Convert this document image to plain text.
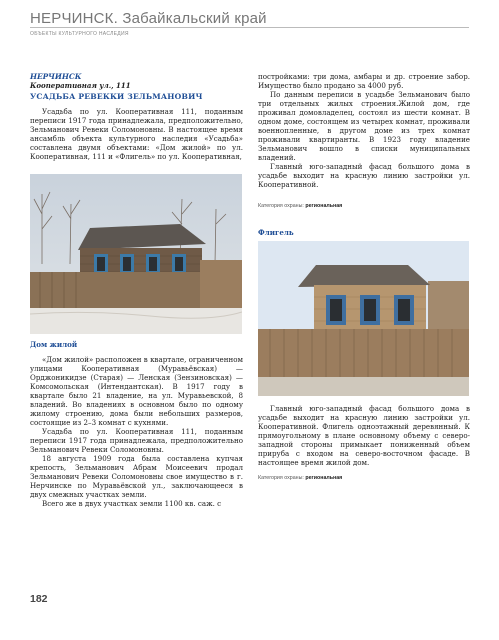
НЕРЧИНСК. Забайкальский край
ОБЪЕКТЫ КУЛЬТУРНОГО НАСЛЕДИЯ
НЕРЧИНСК
Кооперативная ул., 111
УСАДЬБА РЕВЕККИ ЗЕЛЬМАНОВИЧ

Усадьба по ул. Кооперативная 111, поданным переписи 1917 года принадлежала, предположительно, Зельманович Ревеки Соломоновны. В настоящее время ансамбль объекта культурного наследия «Усадьба» составлена двумя объектами: «Дом жилой» по ул. Кооперативная, 111 и «Флигель» по ул. Кооперативная,

Дом жилой

«Дом жилой» расположен в квартале, ограниченном улицами Кооперативная (Муравьёвская) — Орджоникидзе (Старая) — Ленская (Зензиновская) — Комсомольская (Интендантская). В 1917 году в квартале было 21 владение, на ул. Муравьевской, 8 владений. Во владениях в основном было по одному жилому строению, дома были небольших размеров, состоящие из 2–3 комнат с кухнями.

Усадьба по ул. Кооперативная 111, поданным переписи 1917 года принадлежала, предположительно Зельманович Ревеки Соломоновны.

18 августа 1909 года была составлена купчая крепость, Зельманович Абрам Моисеевич продал Зельманович Ревеки Соломоновны свое имущество в г. Нерчинске по Муравьёвской ул., заключающееся в двух смежных участках земли.

Всего же в двух участках земли 1100 кв. саж. с

постройками: три дома, амбары и др. строение забор. Имущество было продано за 4000 руб.

По данным переписи в усадьбе Зельманович было три отдельных жилых строения.Жилой дом, где проживал домовладелец, состоял из шести комнат. В одном доме, состоящем из четырех комнат, проживали военнопленные, в другом доме из трех комнат проживали квартиранты. В 1923 году владение Зельманович вошло в списки муниципальных владений.

Главный юго-западный фасад большого дома в усадьбе выходит на красную линию застройки ул. Кооперативной.

Категория охраны: региональная
Флигель

Главный юго-западный фасад большого дома в усадьбе выходит на красную линию застройки ул. Кооперативной. Флигель одноэтажный деревянный. К прямоугольному в плане основному объему с северо-западной стороны примыкает пониженный объем прируба с входом на северо-восточном фасаде. В настоящее время жилой дом.

Категория охраны: региональная
182
